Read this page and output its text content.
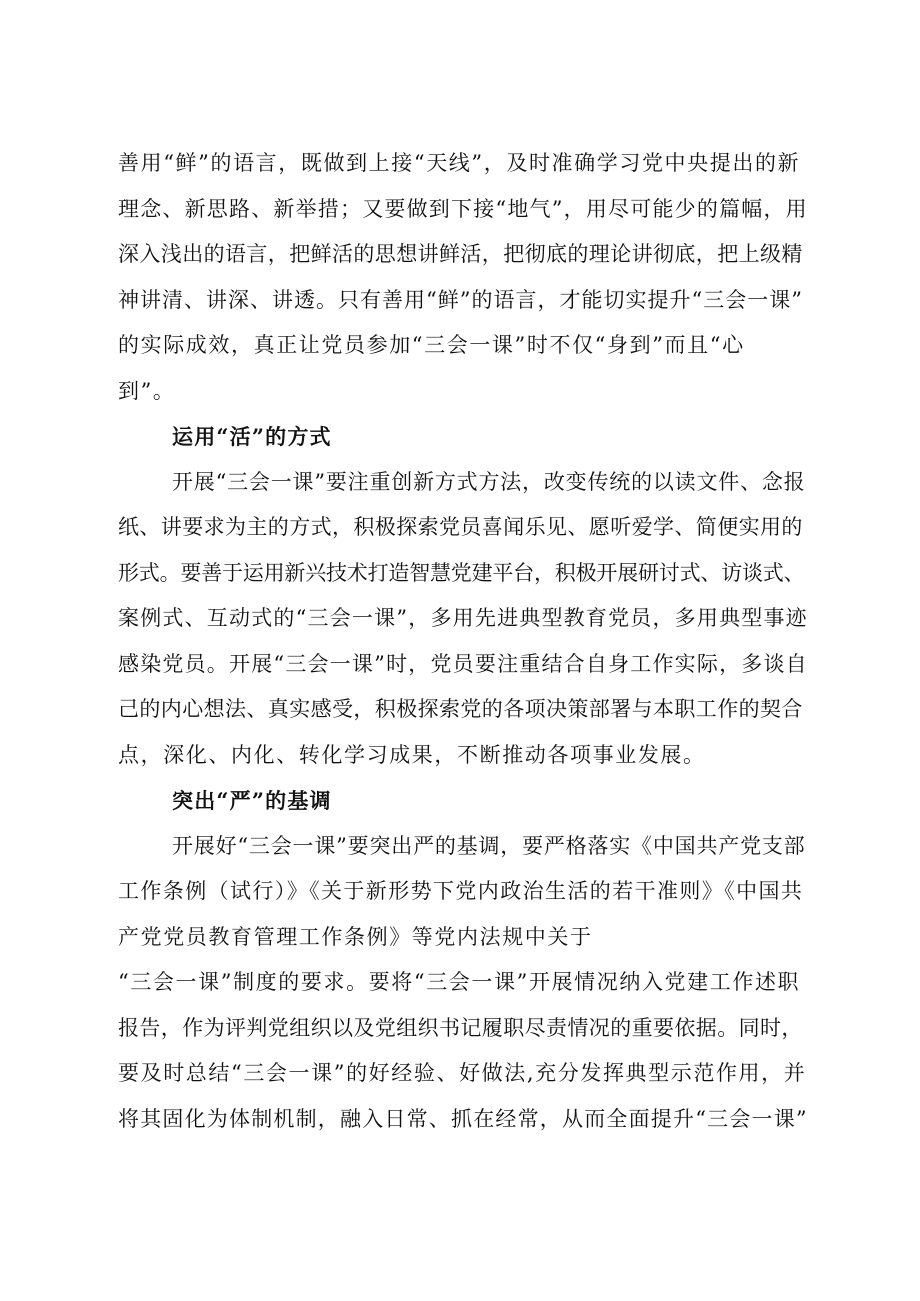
善用“鲜”的语言，既做到上接“天线”，及时准确学习党中央提出的新
理念、新思路、新举措；又要做到下接“地气”，用尽可能少的篇幅，用
深入浅出的语言，把鲜活的思想讲鲜活，把彻底的理论讲彻底，把上级精
神讲清、讲深、讲透。只有善用“鲜”的语言，才能切实提升“三会一课”
的实际成效，真正让党员参加“三会一课”时不仅“身到”而且“心
到”。
运用“活”的方式
开展“三会一课”要注重创新方式方法，改变传统的以读文件、念报
纸、讲要求为主的方式，积极探索党员喜闻乐见、愿听爱学、简便实用的
形式。要善于运用新兴技术打造智慧党建平台，积极开展研讨式、访谈式、
案例式、互动式的“三会一课”，多用先进典型教育党员，多用典型事迹
感染党员。开展“三会一课”时，党员要注重结合自身工作实际，多谈自
己的内心想法、真实感受，积极探索党的各项决策部署与本职工作的契合
点，深化、内化、转化学习成果，不断推动各项事业发展。
突出“严”的基调
开展好“三会一课”要突出严的基调，要严格落实《中国共产党支部
工作条例（试行）》《关于新形势下党内政治生活的若干准则》《中国共
产党党员教育管理工作条例》等党内法规中关于
“三会一课”制度的要求。要将“三会一课”开展情况纳入党建工作述职
报告，作为评判党组织以及党组织书记履职尽责情况的重要依据。同时，
要及时总结“三会一课”的好经验、好做法,充分发挥典型示范作用，并
将其固化为体制机制，融入日常、抓在经常，从而全面提升“三会一课”
